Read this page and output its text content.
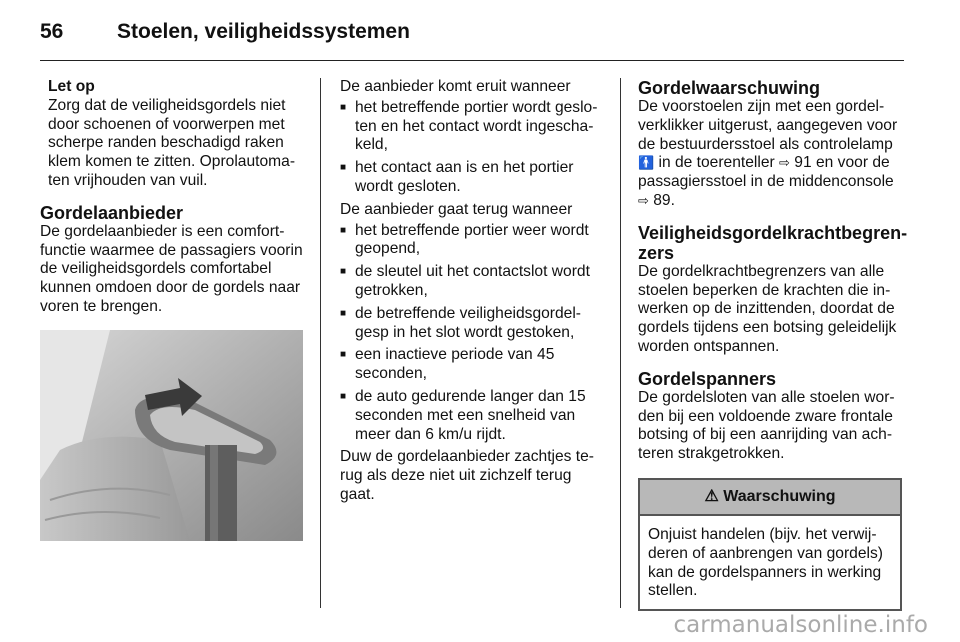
56	Stoelen, veiligheidssystemen
Let op
Zorg dat de veiligheidsgordels niet door schoenen of voorwerpen met scherpe randen beschadigd raken klem komen te zitten. Oprolautomaten vrijhouden van vuil.
Gordelaanbieder
De gordelaanbieder is een comfortfunctie waarmee de passagiers voorin de veiligheidsgordels comfortabel kunnen omdoen door de gordels naar voren te brengen.
De aanbieder komt eruit wanneer
■ het betreffende portier wordt gesloten en het contact wordt ingeschakeld,
■ het contact aan is en het portier wordt gesloten.
De aanbieder gaat terug wanneer
■ het betreffende portier weer wordt geopend,
■ de sleutel uit het contactslot wordt getrokken,
■ de betreffende veiligheidsgordelgesp in het slot wordt gestoken,
■ een inactieve periode van 45 seconden,
■ de auto gedurende langer dan 15 seconden met een snelheid van meer dan 6 km/u rijdt.
Duw de gordelaanbieder zachtjes terug als deze niet uit zichzelf terug gaat.
Gordelwaarschuwing
De voorstoelen zijn met een gordelverklikker uitgerust, aangegeven voor de bestuurdersstoel als controlelamp
🚹 in de toerenteller ⇨ 91 en voor de passagiersstoel in de middenconsole ⇨ 89.
Veiligheidsgordelkrachtbegrenzers
De gordelkrachtbegrenzers van alle stoelen beperken de krachten die inwerken op de inzittenden, doordat de gordels tijdens een botsing geleidelijk worden ontspannen.
Gordelspanners
De gordelsloten van alle stoelen worden bij een voldoende zware frontale botsing of bij een aanrijding van achteren strakgetrokken.
⚠ Waarschuwing
Onjuist handelen (bijv. het verwijderen of aanbrengen van gordels) kan de gordelspanners in werking stellen.
carmanualsonline.info
